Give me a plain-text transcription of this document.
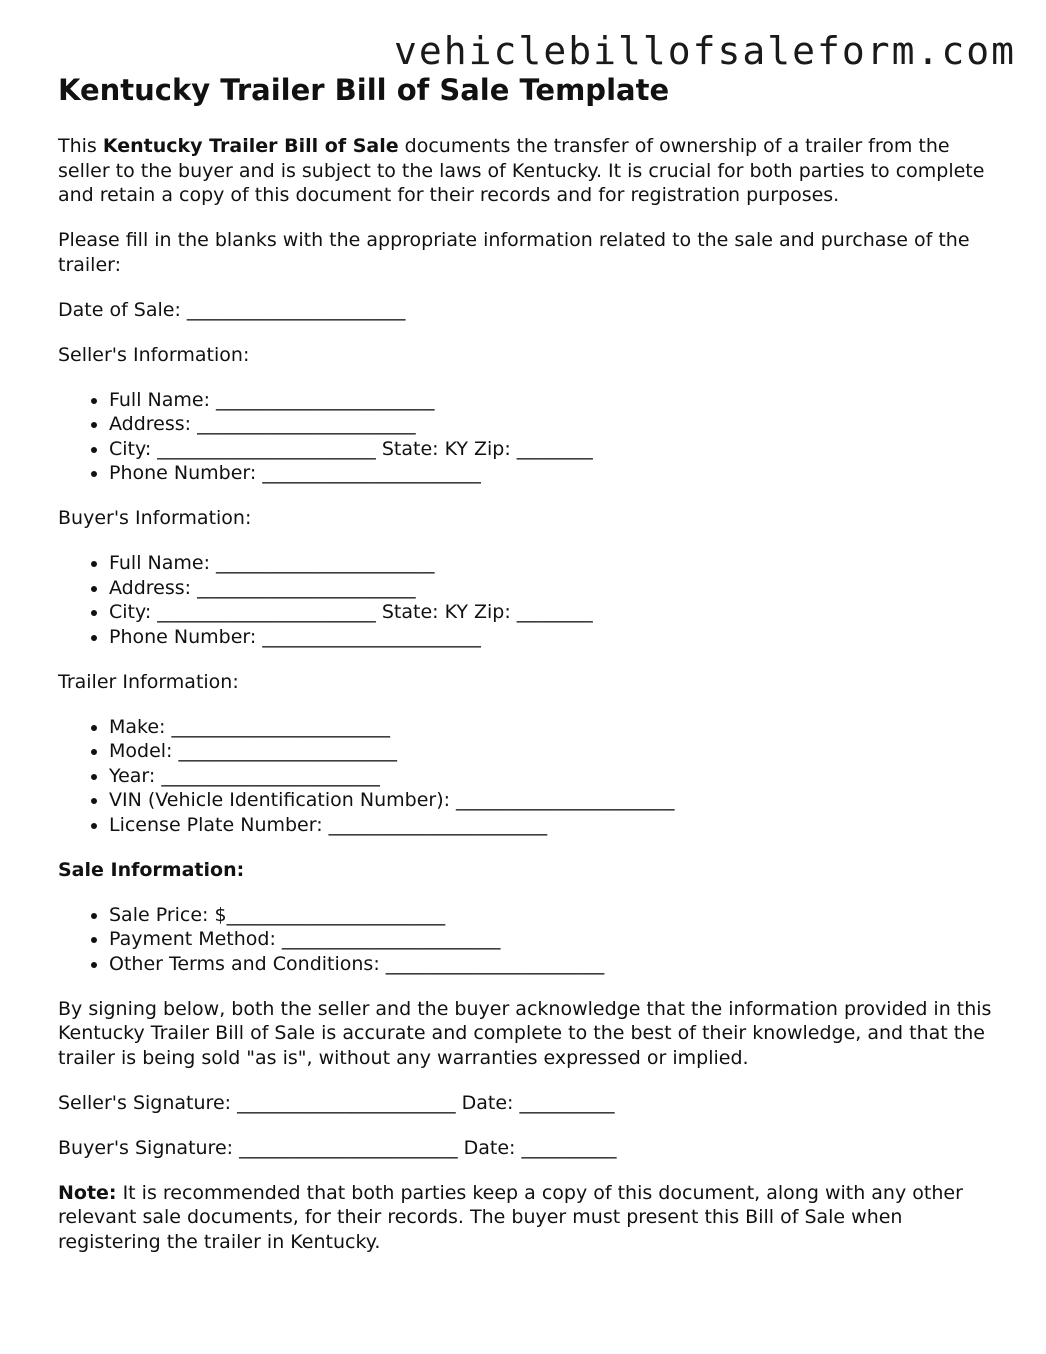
vehiclebillofsaleform.com
Kentucky Trailer Bill of Sale Template

This Kentucky Trailer Bill of Sale documents the transfer of ownership of a trailer from the seller to the buyer and is subject to the laws of Kentucky. It is crucial for both parties to complete and retain a copy of this document for their records and for registration purposes.

Please fill in the blanks with the appropriate information related to the sale and purchase of the trailer:

Date of Sale: _______________________

Seller's Information:

• Full Name: _______________________
• Address: _______________________
• City: _______________________ State: KY Zip: ________
• Phone Number: _______________________

Buyer's Information:

• Full Name: _______________________
• Address: _______________________
• City: _______________________ State: KY Zip: ________
• Phone Number: _______________________

Trailer Information:

• Make: _______________________
• Model: _______________________
• Year: _______________________
• VIN (Vehicle Identification Number): _______________________
• License Plate Number: _______________________

Sale Information:

• Sale Price: $_______________________
• Payment Method: _______________________
• Other Terms and Conditions: _______________________

By signing below, both the seller and the buyer acknowledge that the information provided in this Kentucky Trailer Bill of Sale is accurate and complete to the best of their knowledge, and that the trailer is being sold "as is", without any warranties expressed or implied.

Seller's Signature: _______________________ Date: __________

Buyer's Signature: _______________________ Date: __________

Note: It is recommended that both parties keep a copy of this document, along with any other relevant sale documents, for their records. The buyer must present this Bill of Sale when registering the trailer in Kentucky.
